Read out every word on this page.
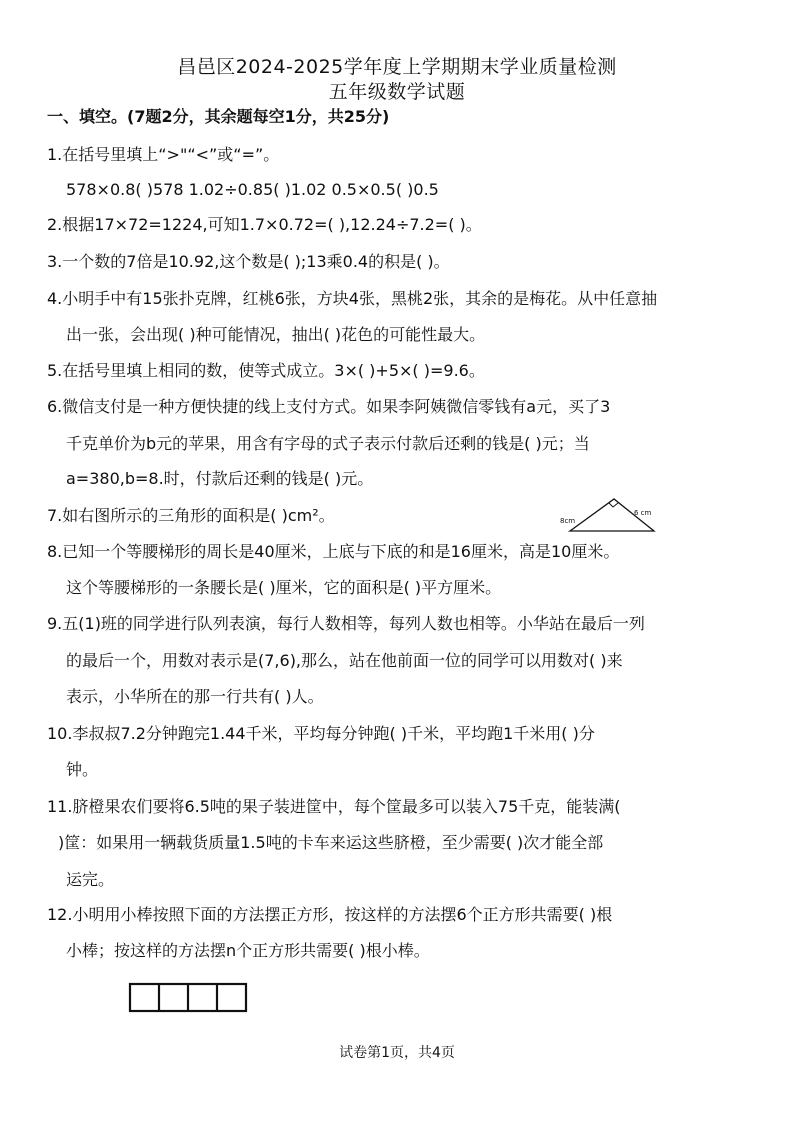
昌邑区2024-2025学年度上学期期末学业质量检测
五年级数学试题
一、填空。(7题2分，其余题每空1分，共25分)
1.在括号里填上“>"“<”或“=”。
578×0.8( )578 1.02÷0.85( )1.02 0.5×0.5( )0.5
2.根据17×72=1224,可知1.7×0.72=( ),12.24÷7.2=( )。
3.一个数的7倍是10.92,这个数是( );13乘0.4的积是( )。
4.小明手中有15张扑克牌，红桃6张，方块4张，黑桃2张，其余的是梅花。从中任意抽
出一张，会出现( )种可能情况，抽出( )花色的可能性最大。
5.在括号里填上相同的数，使等式成立。3×( )+5×( )=9.6。
6.微信支付是一种方便快捷的线上支付方式。如果李阿姨微信零钱有a元，买了3
千克单价为b元的苹果，用含有字母的式子表示付款后还剩的钱是( )元；当
a=380,b=8.时，付款后还剩的钱是( )元。
7.如右图所示的三角形的面积是( )cm²。	8cm
6 cm
8.已知一个等腰梯形的周长是40厘米，上底与下底的和是16厘米，高是10厘米。
这个等腰梯形的一条腰长是( )厘米，它的面积是( )平方厘米。
9.五(1)班的同学进行队列表演，每行人数相等，每列人数也相等。小华站在最后一列
的最后一个，用数对表示是(7,6),那么，站在他前面一位的同学可以用数对( )来
表示，小华所在的那一行共有( )人。
10.李叔叔7.2分钟跑完1.44千米，平均每分钟跑( )千米，平均跑1千米用( )分
钟。
11.脐橙果农们要将6.5吨的果子装进筐中，每个筐最多可以装入75千克，能装满(
)筐：如果用一辆载货质量1.5吨的卡车来运这些脐橙，至少需要( )次才能全部
运完。
12.小明用小棒按照下面的方法摆正方形，按这样的方法摆6个正方形共需要( )根
小棒；按这样的方法摆n个正方形共需要( )根小棒。
试卷第1页，共4页
